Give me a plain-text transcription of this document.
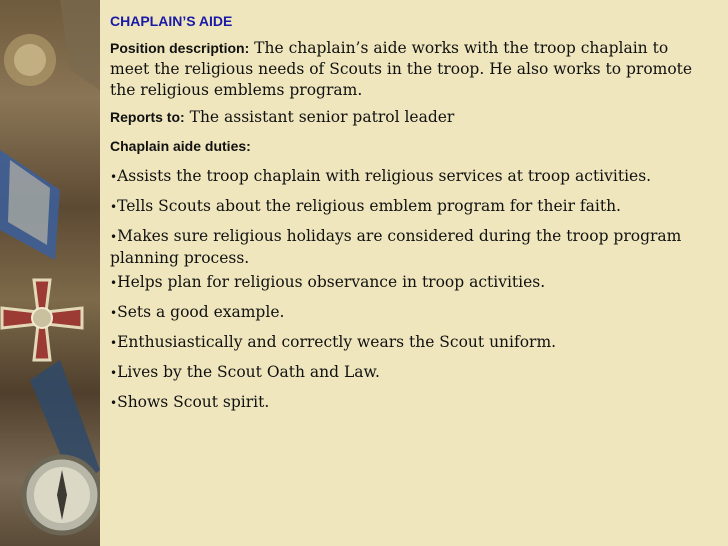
CHAPLAIN’S AIDE
Position description: The chaplain’s aide works with the troop chaplain to meet the religious needs of Scouts in the troop. He also works to promote the religious emblems program.
Reports to: The assistant senior patrol leader
Chaplain aide duties:
•Assists the troop chaplain with religious services at troop activities.
•Tells Scouts about the religious emblem program for their faith.
•Makes sure religious holidays are considered during the troop program planning process.
•Helps plan for religious observance in troop activities.
•Sets a good example.
•Enthusiastically and correctly wears the Scout uniform.
•Lives by the Scout Oath and Law.
•Shows Scout spirit.
